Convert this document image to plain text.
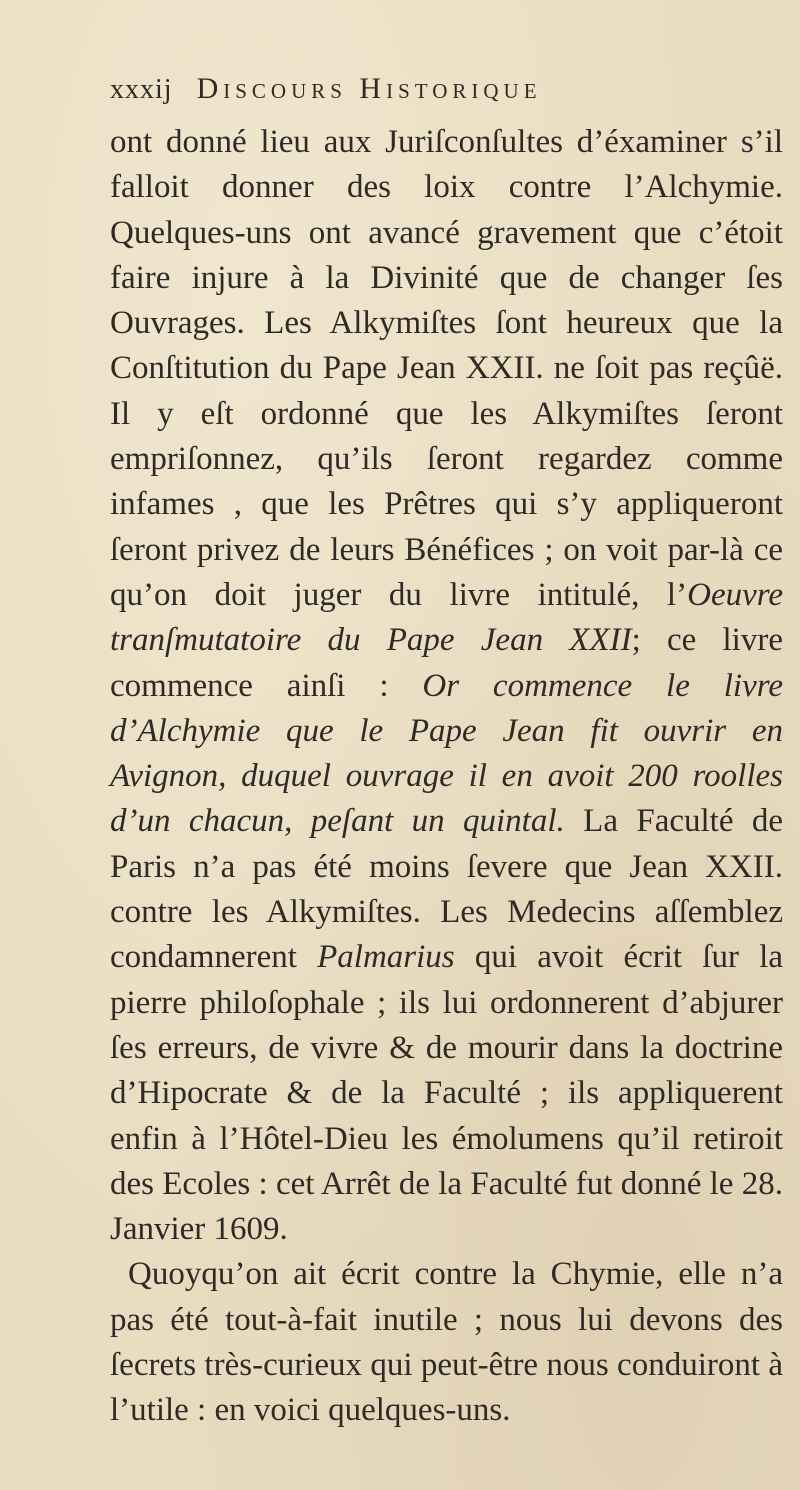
xxxij Discours Historique

ont donné lieu aux Juriſconſultes d’éxaminer s’il falloit donner des loix contre l’Alchymie. Quelques-uns ont avancé gravement que c’étoit faire injure à la Divinité que de changer ſes Ouvrages. Les Alkymiſtes ſont heureux que la Conſtitution du Pape Jean XXII. ne ſoit pas reçûë. Il y eſt ordonné que les Alkymiſtes ſeront empriſonnez, qu’ils ſeront regardez comme infames , que les Prêtres qui s’y appliqueront ſeront privez de leurs Bénéfices ; on voit par-là ce qu’on doit juger du livre intitulé, l’Oeuvre tranſmutatoire du Pape Jean XXII; ce livre commence ainſi : Or commence le livre d’Alchymie que le Pape Jean fit ouvrir en Avignon, duquel ouvrage il en avoit 200 roolles d’un chacun, peſant un quintal. La Faculté de Paris n’a pas été moins ſevere que Jean XXII. contre les Alkymiſtes. Les Medecins aſſemblez condamnerent Palmarius qui avoit écrit ſur la pierre philoſophale ; ils lui ordonnerent d’abjurer ſes erreurs, de vivre & de mourir dans la doctrine d’Hipocrate & de la Faculté ; ils appliquerent enfin à l’Hôtel-Dieu les émolumens qu’il retiroit des Ecoles : cet Arrêt de la Faculté fut donné le 28. Janvier 1609.

Quoyqu’on ait écrit contre la Chymie, elle n’a pas été tout-à-fait inutile ; nous lui devons des ſecrets très-curieux qui peut-être nous conduiront à l’utile : en voici quelques-uns.
